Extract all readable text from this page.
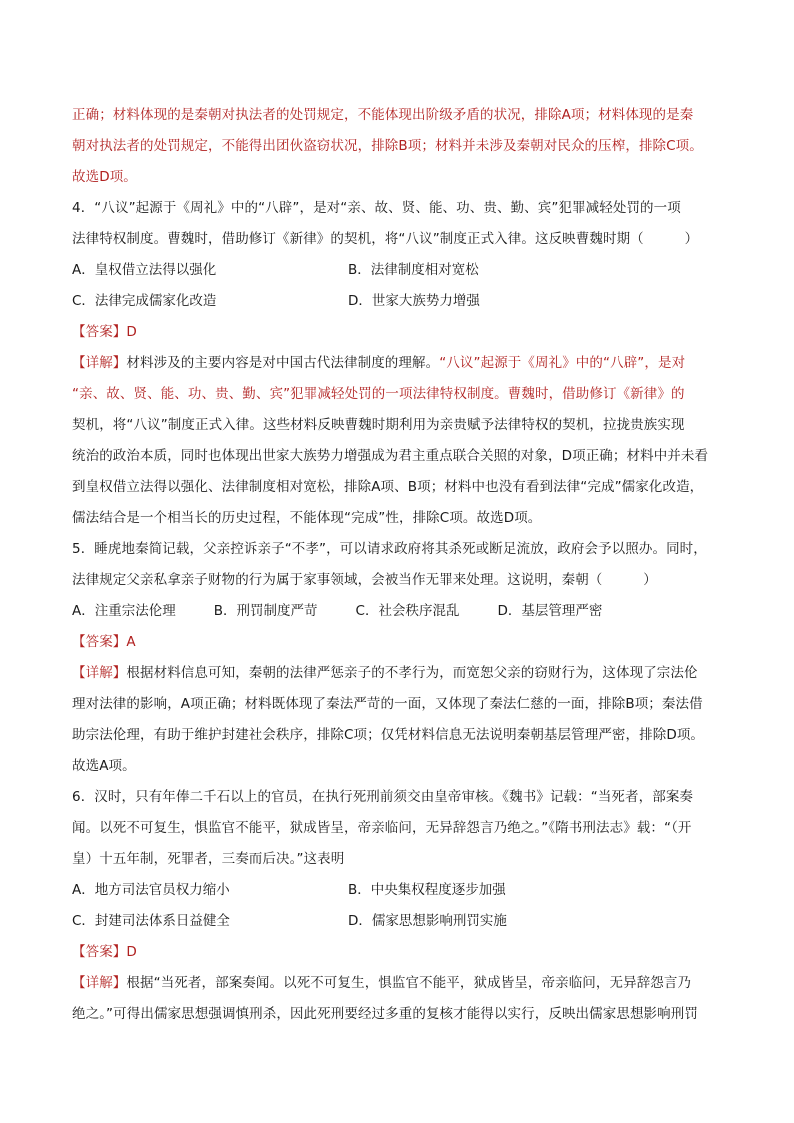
正确；材料体现的是秦朝对执法者的处罚规定，不能体现出阶级矛盾的状况，排除A项；材料体现的是秦
朝对执法者的处罚规定，不能得出团伙盗窃状况，排除B项；材料并未涉及秦朝对民众的压榨，排除C项。
故选D项。
4．“八议”起源于《周礼》中的“八辟”，是对“亲、故、贤、能、功、贵、勤、宾”犯罪减轻处罚的一项
法律特权制度。曹魏时，借助修订《新律》的契机，将“八议”制度正式入律。这反映曹魏时期（　　　）
A．皇权借立法得以强化	B．法律制度相对宽松
C．法律完成儒家化改造	D．世家大族势力增强
【答案】D
【详解】材料涉及的主要内容是对中国古代法律制度的理解。“八议”起源于《周礼》中的“八辟”，是对
“亲、故、贤、能、功、贵、勤、宾”犯罪减轻处罚的一项法律特权制度。曹魏时，借助修订《新律》的
契机，将“八议”制度正式入律。这些材料反映曹魏时期利用为亲贵赋予法律特权的契机，拉拢贵族实现
统治的政治本质，同时也体现出世家大族势力增强成为君主重点联合关照的对象，D项正确；材料中并未看
到皇权借立法得以强化、法律制度相对宽松，排除A项、B项；材料中也没有看到法律“完成”儒家化改造，
儒法结合是一个相当长的历史过程，不能体现“完成”性，排除C项。故选D项。
5．睡虎地秦简记载，父亲控诉亲子“不孝”，可以请求政府将其杀死或断足流放，政府会予以照办。同时，
法律规定父亲私拿亲子财物的行为属于家事领域，会被当作无罪来处理。这说明，秦朝（　　　）
A．注重宗法伦理	B．刑罚制度严苛	C．社会秩序混乱	D．基层管理严密
【答案】A
【详解】根据材料信息可知，秦朝的法律严惩亲子的不孝行为，而宽恕父亲的窃财行为，这体现了宗法伦
理对法律的影响，A项正确；材料既体现了秦法严苛的一面，又体现了秦法仁慈的一面，排除B项；秦法借
助宗法伦理，有助于维护封建社会秩序，排除C项；仅凭材料信息无法说明秦朝基层管理严密，排除D项。
故选A项。
6．汉时，只有年俸二千石以上的官员，在执行死刑前须交由皇帝审核。《魏书》记载：“当死者，部案奏
闻。以死不可复生，惧监官不能平，狱成皆呈，帝亲临问，无异辞怨言乃绝之。”《隋书刑法志》载：“（开
皇）十五年制，死罪者，三奏而后决。”这表明
A．地方司法官员权力缩小	B．中央集权程度逐步加强
C．封建司法体系日益健全	D．儒家思想影响刑罚实施
【答案】D
【详解】根据“当死者，部案奏闻。以死不可复生，惧监官不能平，狱成皆呈，帝亲临问，无异辞怨言乃
绝之。”可得出儒家思想强调慎刑杀，因此死刑要经过多重的复核才能得以实行，反映出儒家思想影响刑罚
